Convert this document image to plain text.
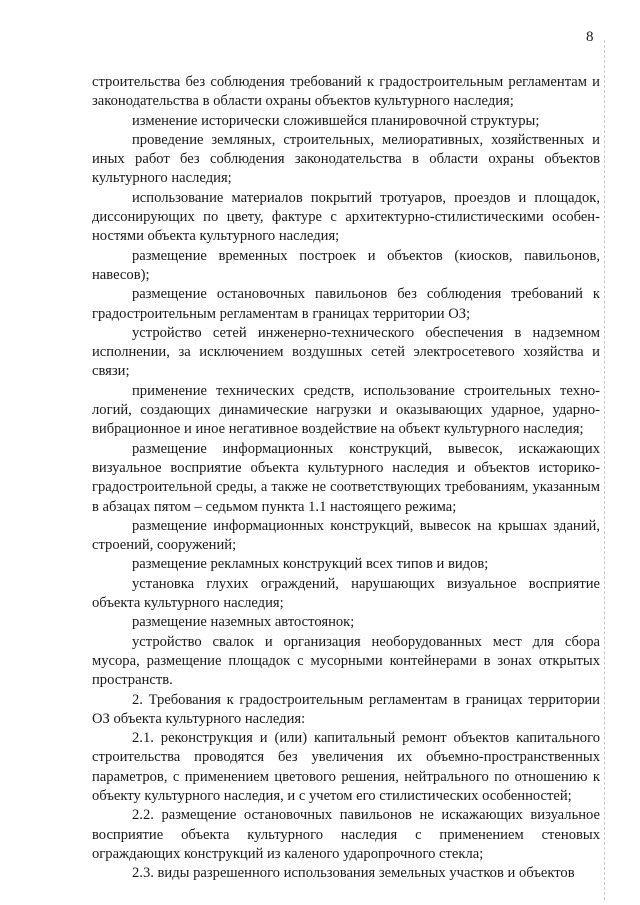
8

строительства без соблюдения требований к градостроительным регламентам и законодательства в области охраны объектов культурного наследия;

изменение исторически сложившейся планировочной структуры;

проведение земляных, строительных, мелиоративных, хозяйственных и иных работ без соблюдения законодательства в области охраны объектов культурного наследия;

использование материалов покрытий тротуаров, проездов и площадок, диссонирующих по цвету, фактуре с архитектурно-стилистическими особенностями объекта культурного наследия;

размещение временных построек и объектов (киосков, павильонов, навесов);

размещение остановочных павильонов без соблюдения требований к градостроительным регламентам в границах территории ОЗ;

устройство сетей инженерно-технического обеспечения в надземном исполнении, за исключением воздушных сетей электросетевого хозяйства и связи;

применение технических средств, использование строительных технологий, создающих динамические нагрузки и оказывающих ударное, ударно-вибрационное и иное негативное воздействие на объект культурного наследия;

размещение информационных конструкций, вывесок, искажающих визуальное восприятие объекта культурного наследия и объектов историко-градостроительной среды, а также не соответствующих требованиям, указанным в абзацах пятом – седьмом пункта 1.1 настоящего режима;

размещение информационных конструкций, вывесок на крышах зданий, строений, сооружений;

размещение рекламных конструкций всех типов и видов;

установка глухих ограждений, нарушающих визуальное восприятие объекта культурного наследия;

размещение наземных автостоянок;

устройство свалок и организация необорудованных мест для сбора мусора, размещение площадок с мусорными контейнерами в зонах открытых пространств.

2. Требования к градостроительным регламентам в границах территории ОЗ объекта культурного наследия:

2.1. реконструкция и (или) капитальный ремонт объектов капитального строительства проводятся без увеличения их объемно-пространственных параметров, с применением цветового решения, нейтрального по отношению к объекту культурного наследия, и с учетом его стилистических особенностей;

2.2. размещение остановочных павильонов не искажающих визуальное восприятие объекта культурного наследия с применением стеновых ограждающих конструкций из каленого ударопрочного стекла;

2.3. виды разрешенного использования земельных участков и объектов
